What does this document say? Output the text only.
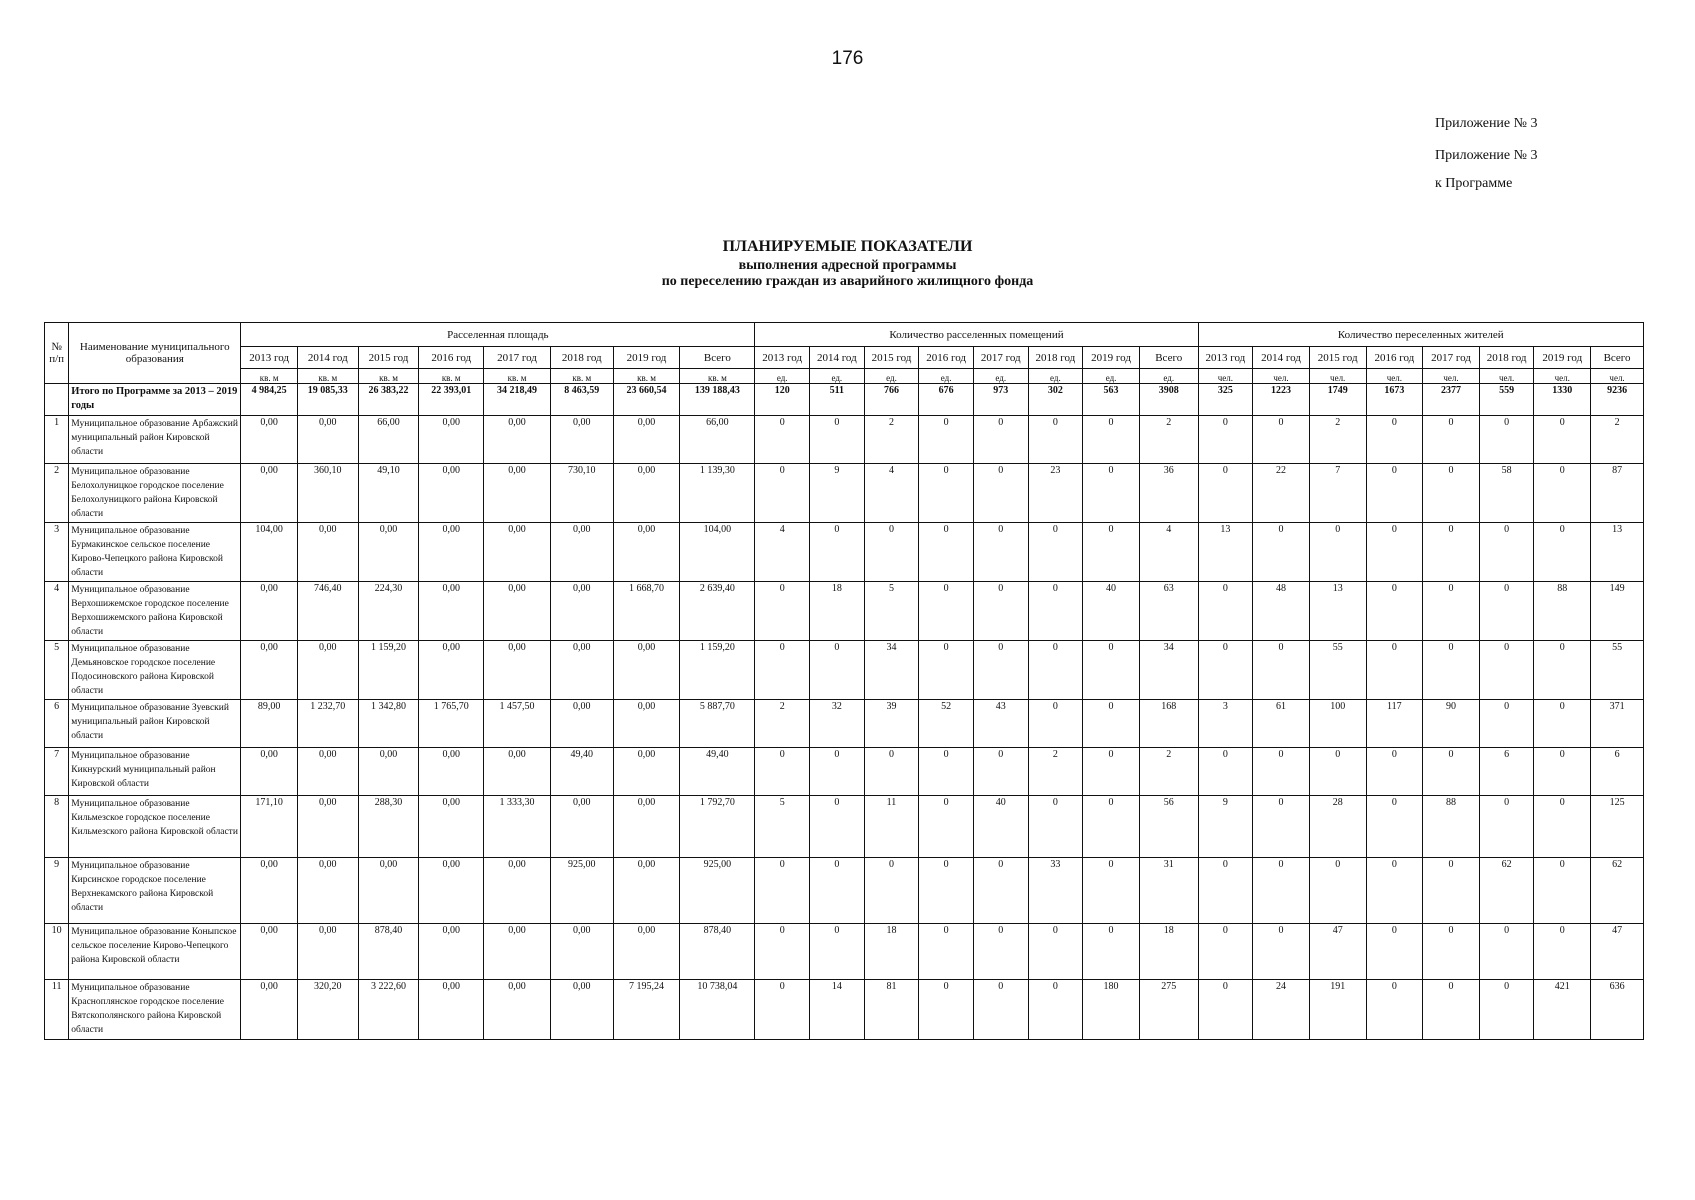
176
Приложение № 3
Приложение № 3
к Программе
ПЛАНИРУЕМЫЕ ПОКАЗАТЕЛИ
выполнения адресной программы
по переселению граждан из аварийного жилищного фонда
№ п/п	Наименование муниципального образования	Расселенная площадь								Количество расселенных помещений								Количество переселенных жителей							
		2013 год	2014 год	2015 год	2016 год	2017 год	2018 год	2019 год	Всего	2013 год	2014 год	2015 год	2016 год	2017 год	2018 год	2019 год	Всего	2013 год	2014 год	2015 год	2016 год	2017 год	2018 год	2019 год	Всего
		кв. м	кв. м	кв. м	кв. м	кв. м	кв. м	кв. м	кв. м	ед.	ед.	ед.	ед.	ед.	ед.	ед.	ед.	чел.	чел.	чел.	чел.	чел.	чел.	чел.	чел.
	Итого по Программе за 2013 – 2019 годы	4 984,25	19 085,33	26 383,22	22 393,01	34 218,49	8 463,59	23 660,54	139 188,43	120	511	766	676	973	302	563	3908	325	1223	1749	1673	2377	559	1330	9236
1	Муниципальное образование Арбажский муниципальный район Кировской области	0,00	0,00	66,00	0,00	0,00	0,00	0,00	66,00	0	0	2	0	0	0	0	2	0	0	2	0	0	0	0	2
2	Муниципальное образование Белохолуницкое городское поселение Белохолуницкого района Кировской области	0,00	360,10	49,10	0,00	0,00	730,10	0,00	1 139,30	0	9	4	0	0	23	0	36	0	22	7	0	0	58	0	87
3	Муниципальное образование Бурмакинское сельское поселение Кирово-Чепецкого района Кировской области	104,00	0,00	0,00	0,00	0,00	0,00	0,00	104,00	4	0	0	0	0	0	0	4	13	0	0	0	0	0	0	13
4	Муниципальное образование Верхошижемское городское поселение Верхошижемского района Кировской области	0,00	746,40	224,30	0,00	0,00	0,00	1 668,70	2 639,40	0	18	5	0	0	0	40	63	0	48	13	0	0	0	88	149
5	Муниципальное образование Демьяновское городское поселение Подосиновского района Кировской области	0,00	0,00	1 159,20	0,00	0,00	0,00	0,00	1 159,20	0	0	34	0	0	0	0	34	0	0	55	0	0	0	0	55
6	Муниципальное образование Зуевский муниципальный район Кировской области	89,00	1 232,70	1 342,80	1 765,70	1 457,50	0,00	0,00	5 887,70	2	32	39	52	43	0	0	168	3	61	100	117	90	0	0	371
7	Муниципальное образование Кикнурский муниципальный район Кировской области	0,00	0,00	0,00	0,00	0,00	49,40	0,00	49,40	0	0	0	0	0	2	0	2	0	0	0	0	0	6	0	6
8	Муниципальное образование Кильмезское городское поселение Кильмезского района Кировской области	171,10	0,00	288,30	0,00	1 333,30	0,00	0,00	1 792,70	5	0	11	0	40	0	0	56	9	0	28	0	88	0	0	125
9	Муниципальное образование Кирсинское городское поселение Верхнекамского района Кировской области	0,00	0,00	0,00	0,00	0,00	925,00	0,00	925,00	0	0	0	0	0	33	0	31	0	0	0	0	0	62	0	62
10	Муниципальное образование Коныпское сельское поселение Кирово-Чепецкого района Кировской области	0,00	0,00	878,40	0,00	0,00	0,00	0,00	878,40	0	0	18	0	0	0	0	18	0	0	47	0	0	0	0	47
11	Муниципальное образование Красноплянское городское поселение Вятскополянского района Кировской области	0,00	320,20	3 222,60	0,00	0,00	0,00	7 195,24	10 738,04	0	14	81	0	0	0	180	275	0	24	191	0	0	0	421	636
